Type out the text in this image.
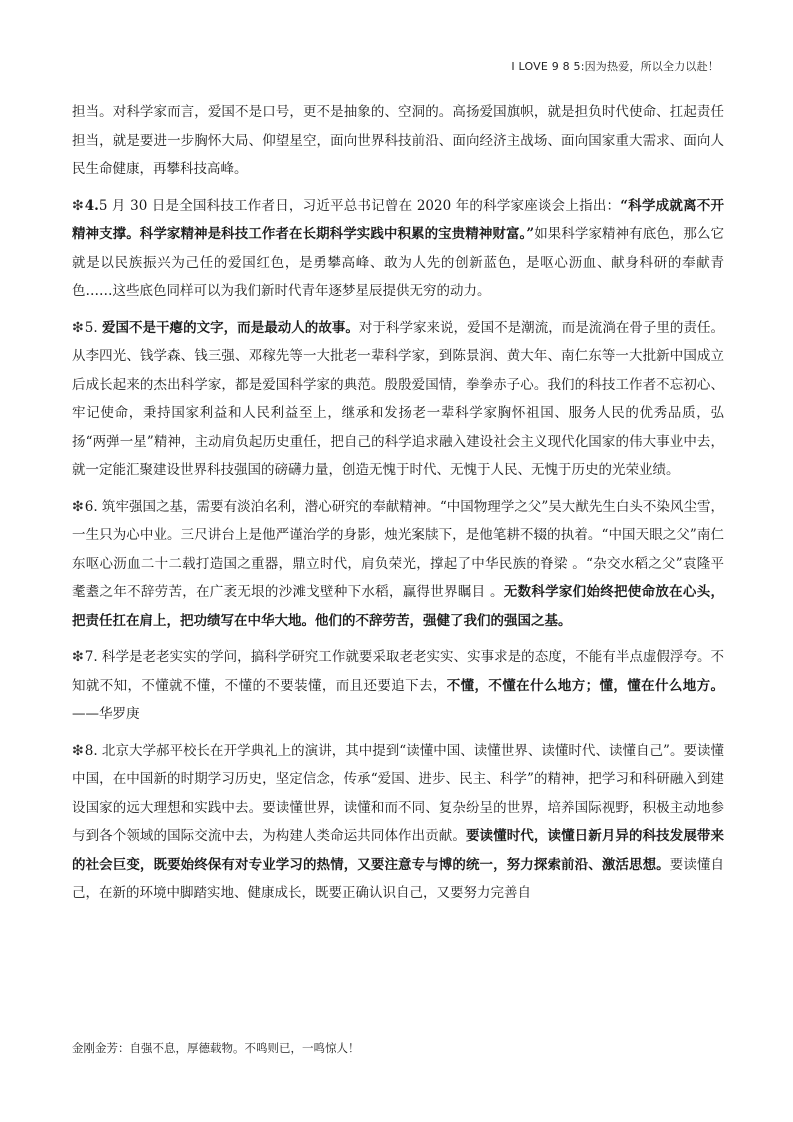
I LOVE 9 8 5:因为热爱，所以全力以赴！

担当。对科学家而言，爱国不是口号，更不是抽象的、空洞的。高扬爱国旗帜，就是担负时代使命、扛起责任担当，就是要进一步胸怀大局、仰望星空，面向世界科技前沿、面向经济主战场、面向国家重大需求、面向人民生命健康，再攀科技高峰。

❇4.5 月 30 日是全国科技工作者日，习近平总书记曾在 2020 年的科学家座谈会上指出：“科学成就离不开精神支撑。科学家精神是科技工作者在长期科学实践中积累的宝贵精神财富。”如果科学家精神有底色，那么它就是以民族振兴为己任的爱国红色，是勇攀高峰、敢为人先的创新蓝色，是呕心沥血、献身科研的奉献青色……这些底色同样可以为我们新时代青年逐梦星辰提供无穷的动力。

❇5. 爱国不是干瘪的文字，而是最动人的故事。对于科学家来说，爱国不是潮流，而是流淌在骨子里的责任。从李四光、钱学森、钱三强、邓稼先等一大批老一辈科学家，到陈景润、黄大年、南仁东等一大批新中国成立后成长起来的杰出科学家，都是爱国科学家的典范。殷殷爱国情，拳拳赤子心。我们的科技工作者不忘初心、牢记使命，秉持国家利益和人民利益至上，继承和发扬老一辈科学家胸怀祖国、服务人民的优秀品质，弘扬“两弹一星”精神，主动肩负起历史重任，把自己的科学追求融入建设社会主义现代化国家的伟大事业中去，就一定能汇聚建设世界科技强国的磅礴力量，创造无愧于时代、无愧于人民、无愧于历史的光荣业绩。

❇6. 筑牢强国之基，需要有淡泊名利，潜心研究的奉献精神。“中国物理学之父”吴大猷先生白头不染风尘雪，一生只为心中业。三尺讲台上是他严谨治学的身影，烛光案牍下，是他笔耕不辍的执着。“中国天眼之父”南仁东呕心沥血二十二载打造国之重器，鼎立时代，肩负荣光，撑起了中华民族的脊梁 。“杂交水稻之父”袁隆平耄耋之年不辞劳苦，在广袤无垠的沙滩戈壁种下水稻，赢得世界瞩目 。无数科学家们始终把使命放在心头，把责任扛在肩上，把功绩写在中华大地。他们的不辞劳苦，强健了我们的强国之基。

❇7. 科学是老老实实的学问，搞科学研究工作就要采取老老实实、实事求是的态度，不能有半点虚假浮夸。不知就不知，不懂就不懂，不懂的不要装懂，而且还要追下去，不懂，不懂在什么地方；懂，懂在什么地方。——华罗庚

❇8. 北京大学郝平校长在开学典礼上的演讲，其中提到“读懂中国、读懂世界、读懂时代、读懂自己”。要读懂中国，在中国新的时期学习历史，坚定信念，传承“爱国、进步、民主、科学”的精神，把学习和科研融入到建设国家的远大理想和实践中去。要读懂世界，读懂和而不同、复杂纷呈的世界，培养国际视野，积极主动地参与到各个领域的国际交流中去，为构建人类命运共同体作出贡献。要读懂时代，读懂日新月异的科技发展带来的社会巨变，既要始终保有对专业学习的热情，又要注意专与博的统一，努力探索前沿、激活思想。要读懂自己，在新的环境中脚踏实地、健康成长，既要正确认识自己，又要努力完善自

金刚金芳：自强不息，厚德载物。不鸣则已，一鸣惊人！
